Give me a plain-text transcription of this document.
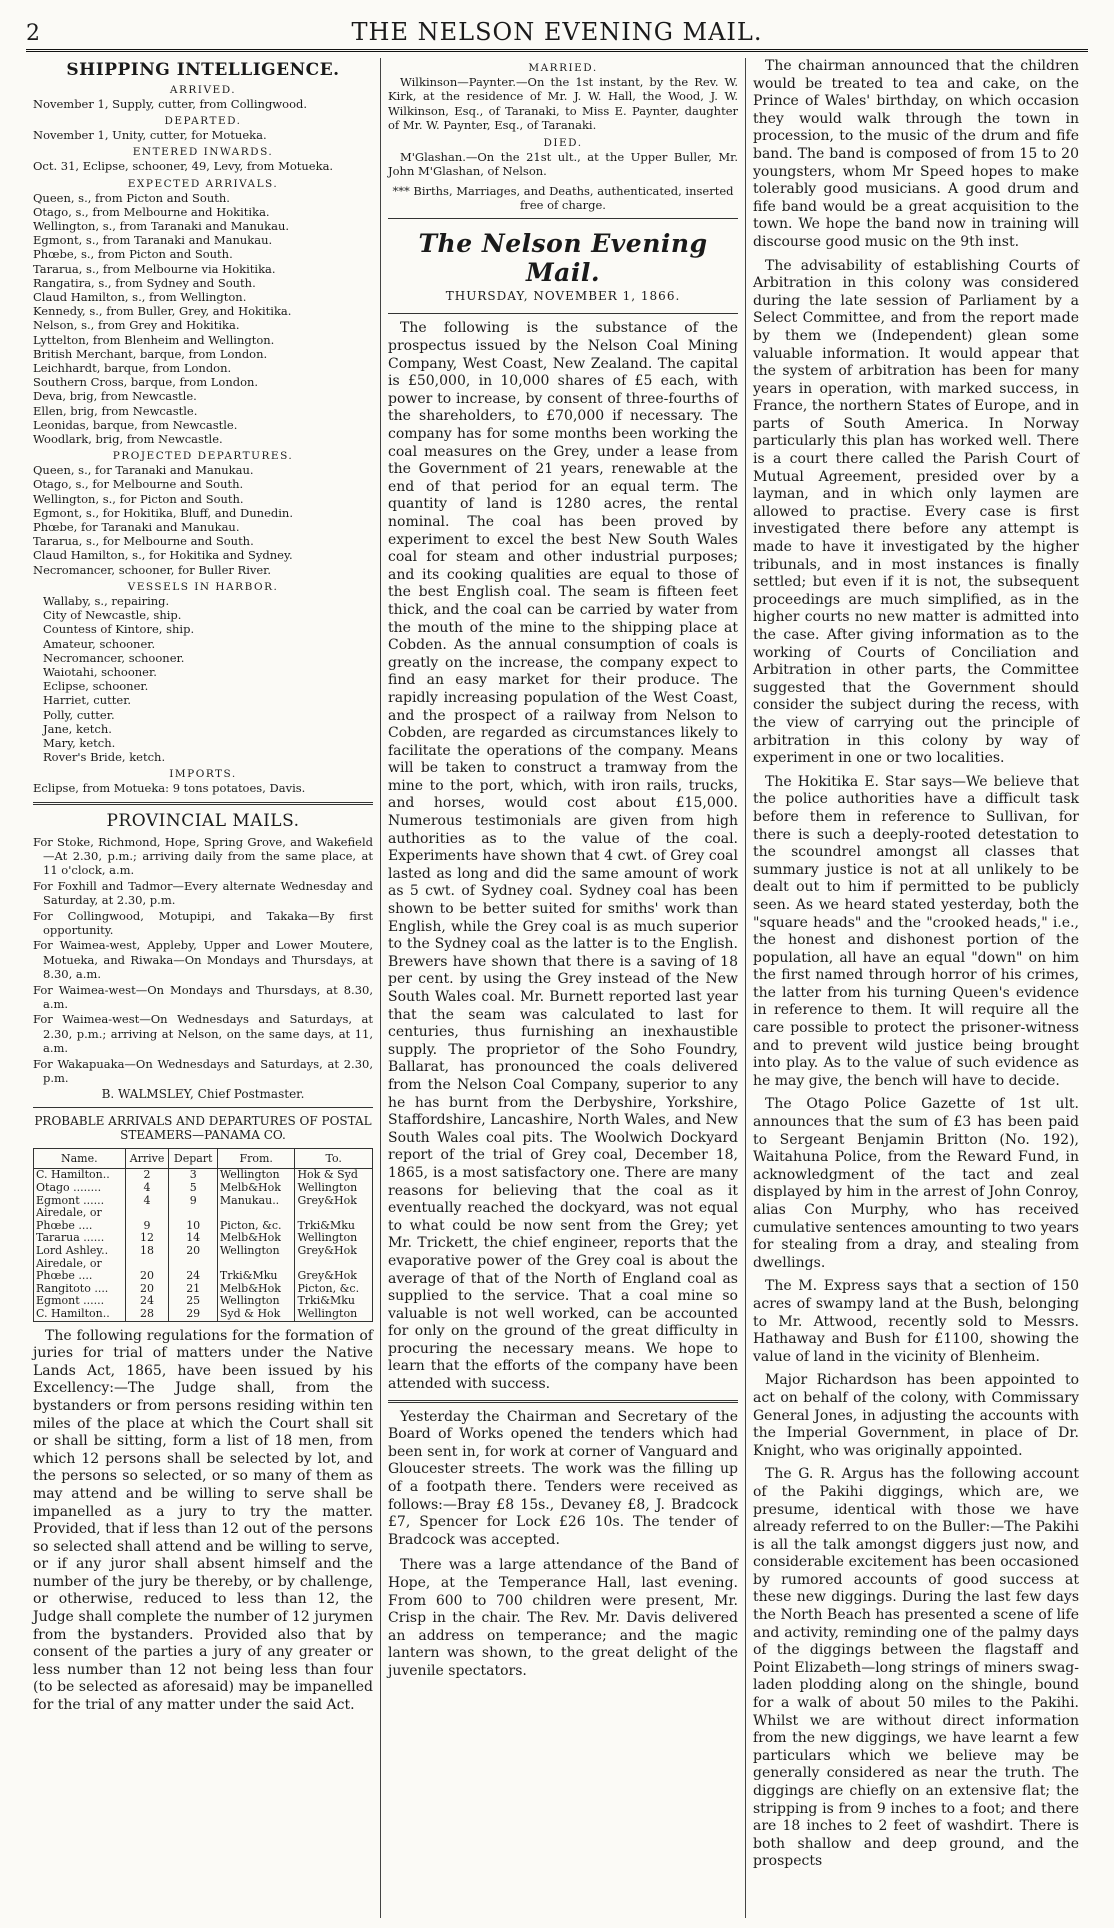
2	THE NELSON EVENING MAIL.
SHIPPING INTELLIGENCE.
ARRIVED.
November 1, Supply, cutter, from Collingwood.
DEPARTED.
November 1, Unity, cutter, for Motueka.
ENTERED INWARDS.
Oct. 31, Eclipse, schooner, 49, Levy, from Motueka.
EXPECTED ARRIVALS.
Queen, s., from Picton and South.
Otago, s., from Melbourne and Hokitika.
Wellington, s., from Taranaki and Manukau.
Egmont, s., from Taranaki and Manukau.
Phœbe, s., from Picton and South.
Tararua, s., from Melbourne via Hokitika.
Rangatira, s., from Sydney and South.
Claud Hamilton, s., from Wellington.
Kennedy, s., from Buller, Grey, and Hokitika.
Nelson, s., from Grey and Hokitika.
Lyttelton, from Blenheim and Wellington.
British Merchant, barque, from London.
Leichhardt, barque, from London.
Southern Cross, barque, from London.
Deva, brig, from Newcastle.
Ellen, brig, from Newcastle.
Leonidas, barque, from Newcastle.
Woodlark, brig, from Newcastle.
PROJECTED DEPARTURES.
Queen, s., for Taranaki and Manukau.
Otago, s., for Melbourne and South.
Wellington, s., for Picton and South.
Egmont, s., for Hokitika, Bluff, and Dunedin.
Phœbe, for Taranaki and Manukau.
Tararua, s., for Melbourne and South.
Claud Hamilton, s., for Hokitika and Sydney.
Necromancer, schooner, for Buller River.
VESSELS IN HARBOR.
Wallaby, s., repairing.
City of Newcastle, ship.
Countess of Kintore, ship.
Amateur, schooner.
Necromancer, schooner.
Waiotahi, schooner.
Eclipse, schooner.
Harriet, cutter.
Polly, cutter.
Jane, ketch.
Mary, ketch.
Rover's Bride, ketch.
IMPORTS.
Eclipse, from Motueka: 9 tons potatoes, Davis.
PROVINCIAL MAILS.
For Stoke, Richmond, Hope, Spring Grove, and Wakefield—At 2.30, p.m.; arriving daily from the same place, at 11 o'clock, a.m.
For Foxhill and Tadmor—Every alternate Wednesday and Saturday, at 2.30, p.m.
For Collingwood, Motupipi, and Takaka—By first opportunity.
For Waimea-west, Appleby, Upper and Lower Moutere, Motueka, and Riwaka—On Mondays and Thursdays, at 8.30, a.m.
For Waimea-west—On Mondays and Thursdays, at 8.30, a.m.
For Waimea-west—On Wednesdays and Saturdays, at 2.30, p.m.; arriving at Nelson, on the same days, at 11, a.m.
For Wakapuaka—On Wednesdays and Saturdays, at 2.30, p.m.
B. WALMSLEY, Chief Postmaster.
PROBABLE ARRIVALS AND DEPARTURES OF POSTAL STEAMERS—PANAMA CO.
Name.	Arrive	Depart	From.	To.
C. Hamilton..	2	3	Wellington	Hok & Syd
Otago ........	4	5	Melb&Hok	Wellington
Egmont ......	4	9	Manukau..	Grey&Hok
Airedale, or				
Phœbe ....	9	10	Picton, &c.	Trki&Mku
Tararua ......	12	14	Melb&Hok	Wellington
Lord Ashley..	18	20	Wellington	Grey&Hok
Airedale, or				
Phœbe ....	20	24	Trki&Mku	Grey&Hok
Rangitoto ....	20	21	Melb&Hok	Picton, &c.
Egmont ......	24	25	Wellington	Trki&Mku
C. Hamilton..	28	29	Syd & Hok	Wellington
The following regulations for the formation of juries for trial of matters under the Native Lands Act, 1865, have been issued by his Excellency:—The Judge shall, from the bystanders or from persons residing within ten miles of the place at which the Court shall sit or shall be sitting, form a list of 18 men, from which 12 persons shall be selected by lot, and the persons so selected, or so many of them as may attend and be willing to serve shall be impanelled as a jury to try the matter. Provided, that if less than 12 out of the persons so selected shall attend and be willing to serve, or if any juror shall absent himself and the number of the jury be thereby, or by challenge, or otherwise, reduced to less than 12, the Judge shall complete the number of 12 jurymen from the bystanders. Provided also that by consent of the parties a jury of any greater or less number than 12 not being less than four (to be selected as aforesaid) may be impanelled for the trial of any matter under the said Act.
MARRIED.
Wilkinson—Paynter.—On the 1st instant, by the Rev. W. Kirk, at the residence of Mr. J. W. Hall, the Wood, J. W. Wilkinson, Esq., of Taranaki, to Miss E. Paynter, daughter of Mr. W. Paynter, Esq., of Taranaki.
DIED.
M'Glashan.—On the 21st ult., at the Upper Buller, Mr. John M'Glashan, of Nelson.
*** Births, Marriages, and Deaths, authenticated, inserted free of charge.
The Nelson Evening Mail.
THURSDAY, NOVEMBER 1, 1866.
The following is the substance of the prospectus issued by the Nelson Coal Mining Company, West Coast, New Zealand. The capital is £50,000, in 10,000 shares of £5 each, with power to increase, by consent of three-fourths of the shareholders, to £70,000 if necessary. The company has for some months been working the coal measures on the Grey, under a lease from the Government of 21 years, renewable at the end of that period for an equal term. The quantity of land is 1280 acres, the rental nominal. The coal has been proved by experiment to excel the best New South Wales coal for steam and other industrial purposes; and its cooking qualities are equal to those of the best English coal. The seam is fifteen feet thick, and the coal can be carried by water from the mouth of the mine to the shipping place at Cobden. As the annual consumption of coals is greatly on the increase, the company expect to find an easy market for their produce. The rapidly increasing population of the West Coast, and the prospect of a railway from Nelson to Cobden, are regarded as circumstances likely to facilitate the operations of the company. Means will be taken to construct a tramway from the mine to the port, which, with iron rails, trucks, and horses, would cost about £15,000. Numerous testimonials are given from high authorities as to the value of the coal. Experiments have shown that 4 cwt. of Grey coal lasted as long and did the same amount of work as 5 cwt. of Sydney coal. Sydney coal has been shown to be better suited for smiths' work than English, while the Grey coal is as much superior to the Sydney coal as the latter is to the English. Brewers have shown that there is a saving of 18 per cent. by using the Grey instead of the New South Wales coal. Mr. Burnett reported last year that the seam was calculated to last for centuries, thus furnishing an inexhaustible supply. The proprietor of the Soho Foundry, Ballarat, has pronounced the coals delivered from the Nelson Coal Company, superior to any he has burnt from the Derbyshire, Yorkshire, Staffordshire, Lancashire, North Wales, and New South Wales coal pits. The Woolwich Dockyard report of the trial of Grey coal, December 18, 1865, is a most satisfactory one. There are many reasons for believing that the coal as it eventually reached the dockyard, was not equal to what could be now sent from the Grey; yet Mr. Trickett, the chief engineer, reports that the evaporative power of the Grey coal is about the average of that of the North of England coal as supplied to the service. That a coal mine so valuable is not well worked, can be accounted for only on the ground of the great difficulty in procuring the necessary means. We hope to learn that the efforts of the company have been attended with success.
Yesterday the Chairman and Secretary of the Board of Works opened the tenders which had been sent in, for work at corner of Vanguard and Gloucester streets. The work was the filling up of a footpath there. Tenders were received as follows:—Bray £8 15s., Devaney £8, J. Bradcock £7, Spencer for Lock £26 10s. The tender of Bradcock was accepted.
There was a large attendance of the Band of Hope, at the Temperance Hall, last evening. From 600 to 700 children were present, Mr. Crisp in the chair. The Rev. Mr. Davis delivered an address on temperance; and the magic lantern was shown, to the great delight of the juvenile spectators.
The chairman announced that the children would be treated to tea and cake, on the Prince of Wales' birthday, on which occasion they would walk through the town in procession, to the music of the drum and fife band. The band is composed of from 15 to 20 youngsters, whom Mr Speed hopes to make tolerably good musicians. A good drum and fife band would be a great acquisition to the town. We hope the band now in training will discourse good music on the 9th inst.
The advisability of establishing Courts of Arbitration in this colony was considered during the late session of Parliament by a Select Committee, and from the report made by them we (Independent) glean some valuable information. It would appear that the system of arbitration has been for many years in operation, with marked success, in France, the northern States of Europe, and in parts of South America. In Norway particularly this plan has worked well. There is a court there called the Parish Court of Mutual Agreement, presided over by a layman, and in which only laymen are allowed to practise. Every case is first investigated there before any attempt is made to have it investigated by the higher tribunals, and in most instances is finally settled; but even if it is not, the subsequent proceedings are much simplified, as in the higher courts no new matter is admitted into the case. After giving information as to the working of Courts of Conciliation and Arbitration in other parts, the Committee suggested that the Government should consider the subject during the recess, with the view of carrying out the principle of arbitration in this colony by way of experiment in one or two localities.
The Hokitika E. Star says—We believe that the police authorities have a difficult task before them in reference to Sullivan, for there is such a deeply-rooted detestation to the scoundrel amongst all classes that summary justice is not at all unlikely to be dealt out to him if permitted to be publicly seen. As we heard stated yesterday, both the "square heads" and the "crooked heads," i.e., the honest and dishonest portion of the population, all have an equal "down" on him the first named through horror of his crimes, the latter from his turning Queen's evidence in reference to them. It will require all the care possible to protect the prisoner-witness and to prevent wild justice being brought into play. As to the value of such evidence as he may give, the bench will have to decide.
The Otago Police Gazette of 1st ult. announces that the sum of £3 has been paid to Sergeant Benjamin Britton (No. 192), Waitahuna Police, from the Reward Fund, in acknowledgment of the tact and zeal displayed by him in the arrest of John Conroy, alias Con Murphy, who has received cumulative sentences amounting to two years for stealing from a dray, and stealing from dwellings.
The M. Express says that a section of 150 acres of swampy land at the Bush, belonging to Mr. Attwood, recently sold to Messrs. Hathaway and Bush for £1100, showing the value of land in the vicinity of Blenheim.
Major Richardson has been appointed to act on behalf of the colony, with Commissary General Jones, in adjusting the accounts with the Imperial Government, in place of Dr. Knight, who was originally appointed.
The G. R. Argus has the following account of the Pakihi diggings, which are, we presume, identical with those we have already referred to on the Buller:—The Pakihi is all the talk amongst diggers just now, and considerable excitement has been occasioned by rumored accounts of good success at these new diggings. During the last few days the North Beach has presented a scene of life and activity, reminding one of the palmy days of the diggings between the flagstaff and Point Elizabeth—long strings of miners swag-laden plodding along on the shingle, bound for a walk of about 50 miles to the Pakihi. Whilst we are without direct information from the new diggings, we have learnt a few particulars which we believe may be generally considered as near the truth. The diggings are chiefly on an extensive flat; the stripping is from 9 inches to a foot; and there are 18 inches to 2 feet of washdirt. There is both shallow and deep ground, and the prospects
